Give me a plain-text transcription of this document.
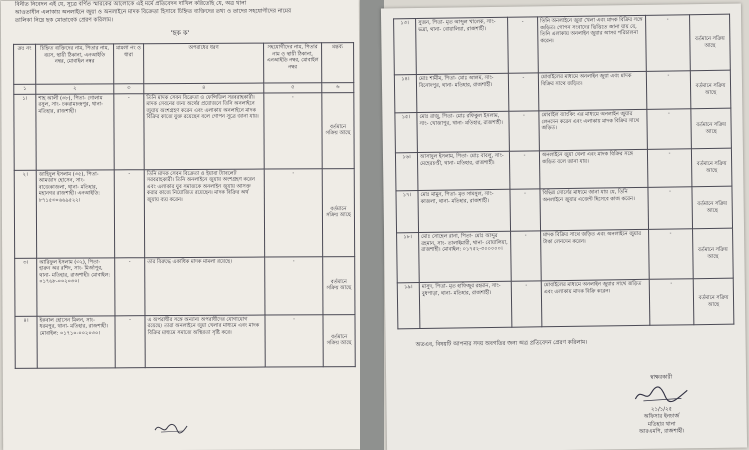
বিনীত নিবেদন এই যে, সূত্রে বর্ণিত স্মারকের আলোকে এই মর্মে প্রতিবেদন দাখিল করিতেছি যে, অত্র থানা
আওতাধীন এলাকায় অনলাইনে জুয়া ও অনলাইনে মাদক বিক্রেতা হিসাবে চিহ্নিত ব্যক্তিদের তথ্য ও তাদের সহযোগীদের নামের
তালিকা নিম্নে ছক মোতাবেক প্রেরণ করিলাম।
'ছক ক'
ক্রঃ নং	চিহ্নিত ব্যক্তিদের নাম, পিতার নাম, বয়স, স্থায়ী ঠিকানা, এনআইডি নম্বর, মোবাইল নম্বর	মামলা নং ও ধারা	অপরাধের ধরণ	সহযোগীদের নাম, পিতার নাম ও স্থায়ী ঠিকানা, এনআইডি নম্বর, মোবাইল নম্বর	মন্তব্য
১	২	৩	৪	৫	৬
১।	শাহ আলী (৩৮), পিতা- গোলাম রসুল, সাং- চকরামচন্দ্রপুর, থানা- মতিহার, রাজশাহী।	-	তিনি মাদক সেবন বিক্রেতা ও ফেন্সিডিল সরবরাহকারী। মাদক সেবনের জন্য অর্থের প্রয়োজনে তিনি অনলাইনে জুয়ায় অংশগ্রহণ করেন এবং এলাকায় অনলাইনে মাদক বিক্রির কাজে যুক্ত রয়েছেন বলে গোপন সূত্রে জানা যায়।	-	বর্তমানে সক্রিয় আছে
২।	জাহিদুল ইসলাম (৩৫), পিতা- আমজাদ হোসেন, সাং- বাজেকাজলা, থানা- মতিহার, মহানগর রাজশাহী। এনআইডি: ৮৭১৫৩০৬৬৯৫২২।	-	তিনি মাদক সেবন বিক্রেতা ও ইয়াবা ট্যাবলেট সরবরাহকারী। তিনি অনলাইনে জুয়ায় অংশগ্রহণ করেন এবং এলাকার যুব সমাজকে অনলাইন জুয়ায় আসক্ত করার কাজে নিয়োজিত রয়েছেন। মাদক বিক্রির অর্থ জুয়ায় ব্যয় করেন।	-	বর্তমানে সক্রিয় আছে
৩।	আরিফুল ইসলাম (৩২), পিতা- হারুন অর রশিদ, সাং- মির্জাপুর, থানা- মতিহার, রাজশাহী। মোবাইল: ০১৭৬৮-০০২০৩০।	-	তার বিরুদ্ধে একাধিক মাদক মামলা রয়েছে।	-	বর্তমানে সক্রিয় আছে
৪।	ইকবাল হোসেন মিলন, সাং- ধরমপুর, থানা- মতিহার, রাজশাহী। মোবাইল: ০১৭১০-০০২০৩০।	-	এ অপরাধীর সঙ্গে অন্যান্য অপরাধীদের যোগাযোগ রয়েছে। তারা অনলাইনে জুয়া খেলার মাধ্যমে এবং মাদক বিক্রির মাধ্যমে সমাজে অস্থিরতা সৃষ্টি করে।	-	বর্তমানে সক্রিয় আছে
১৩।	সুজন, পিতা- মৃত আব্দুল খালেক, সাং- ভদ্রা, থানা- বোয়ালিয়া, রাজশাহী।	-	তিনি অনলাইনে জুয়া খেলা এবং মাদক বিক্রির সঙ্গে জড়িত। গোপন সংবাদের ভিত্তিতে জানা যায় যে, তিনি এলাকায় অনলাইন জুয়ার আসর পরিচালনা করেন।	-	বর্তমানে সক্রিয় আছে
১৪।	মোঃ শামীম, পিতা- মোঃ আলম, সাং- বিনোদপুর, থানা- মতিহার, রাজশাহী।	-	মোবাইলের মাধ্যমে অনলাইন জুয়া এবং মাদক বিক্রির সাথে জড়িত।	-	বর্তমানে সক্রিয় আছে
১৫।	মোঃ রাজু, পিতা- মোঃ রফিকুল ইসলাম, সাং- খোজাপুর, থানা- মতিহার, রাজশাহী।	-	মোবাইল ব্যাংকিং এর মাধ্যমে অনলাইন জুয়ার লেনদেন করেন এবং এলাকায় মাদক বিক্রির সাথে জড়িত।	-	বর্তমানে সক্রিয় আছে
১৬।	আসাদুল ইসলাম, পিতা- মোঃ বাবলু, সাং- মেহেরচণ্ডী, থানা- মতিহার, রাজশাহী।	-	অনলাইনে জুয়া খেলা এবং মাদক বিক্রির সঙ্গে জড়িত বলে জানা যায়।	-	বর্তমানে সক্রিয় আছে
১৭।	মোঃ মামুন, পিতা- মৃত সামসুল, সাং- কাজলা, থানা- মতিহার, রাজশাহী।	-	বিভিন্ন সোর্সের মাধ্যমে জানা যায় যে, তিনি অনলাইনে জুয়ার এজেন্ট হিসেবে কাজ করেন।	-	বর্তমানে সক্রিয় আছে
১৮।	মোঃ সোহেল রানা, পিতা- মোঃ আব্দুর রহমান, সাং- তালাইমারী, থানা- বোয়ালিয়া, রাজশাহী। মোবাইল: ০১৭৫২-৩০০০০০।	-	মাদক বিক্রির সাথে জড়িত এবং অনলাইনে জুয়ার টাকা লেনদেন করেন।	-	বর্তমানে সক্রিয় আছে
১৯।	মাসুদ, পিতা- মৃত হাফিজুর রহমান, সাং- বুধপাড়া, থানা- মতিহার, রাজশাহী।	-	মোবাইলের মাধ্যমে অনলাইন জুয়ার সাথে জড়িত এবং এলাকায় মাদক বিক্রি করেন।	-	বর্তমানে সক্রিয় আছে
অতএব, বিষয়টি আপনার সদয় অবগতির জন্য অত্র প্রতিবেদন প্রেরণ করিলাম।
স্বাক্ষরকারী
২১/১/২৫
অফিসার ইনচার্জ
মতিহার থানা
আরএমপি, রাজশাহী।
